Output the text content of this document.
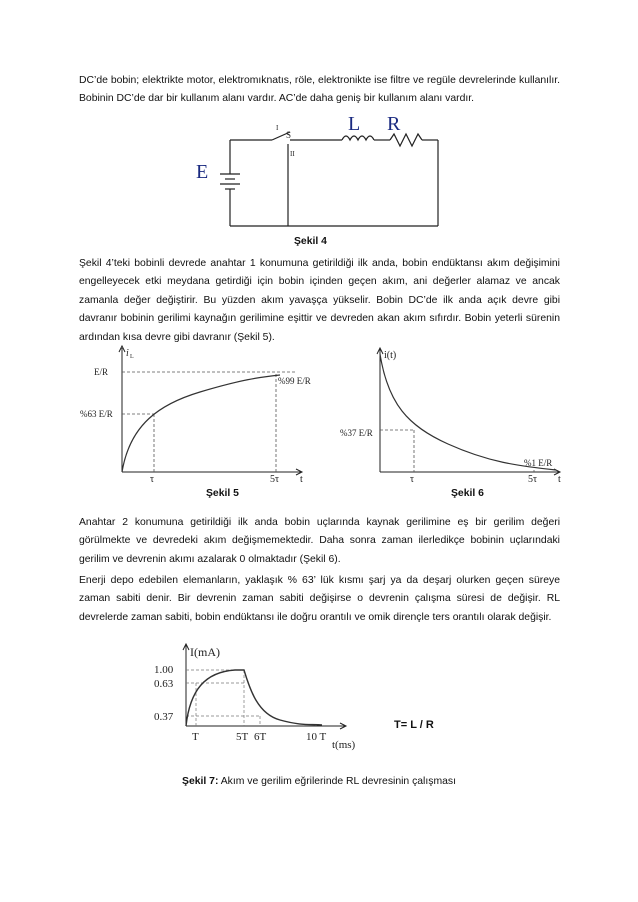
DC’de bobin; elektrikte motor, elektromıknatıs, röle, elektronikte ise filtre ve regüle devrelerinde kullanılır. Bobinin DC’de dar bir kullanım alanı vardır. AC’de daha geniş bir kullanım alanı vardır.

E
L R
S
I
II
Şekil 4

Şekil 4’teki bobinli devrede anahtar 1 konumuna getirildiği ilk anda, bobin endüktansı akım değişimini engelleyecek etki meydana getirdiği için bobin içinden geçen akım, ani değerler alamaz ve ancak zamanla değer değiştirir. Bu yüzden akım yavaşça yükselir. Bobin DC’de ilk anda açık devre gibi davranır bobinin gerilimi kaynağın gerilimine eşittir ve devreden akan akım sıfırdır. Bobin yeterli sürenin ardından kısa devre gibi davranır (Şekil 5).

i L
E/R
%63 E/R
%99 E/R
τ	5τ t
Şekil 5
i(t)
%37 E/R
%1 E/R
τ	5τ t
Şekil 6

Anahtar 2 konumuna getirildiği ilk anda bobin uçlarında kaynak gerilimine eş bir gerilim değeri görülmekte ve devredeki akım değişmemektedir. Daha sonra zaman ilerledikçe bobinin uçlarındaki gerilim ve devrenin akımı azalarak 0 olmaktadır (Şekil 6).

Enerji depo edebilen elemanların, yaklaşık % 63’ lük kısmı şarj ya da deşarj olurken geçen süreye zaman sabiti denir. Bir devrenin zaman sabiti değişirse o devrenin çalışma süresi de değişir. RL devrelerde zaman sabiti, bobin endüktansı ile doğru orantılı ve omik dirençle ters orantılı olarak değişir.

I(mA)
1.00
0.63
0.37
T	5T 6T	10 T
t(ms)
T= L / R
Şekil 7: Akım ve gerilim eğrilerinde RL devresinin çalışması
